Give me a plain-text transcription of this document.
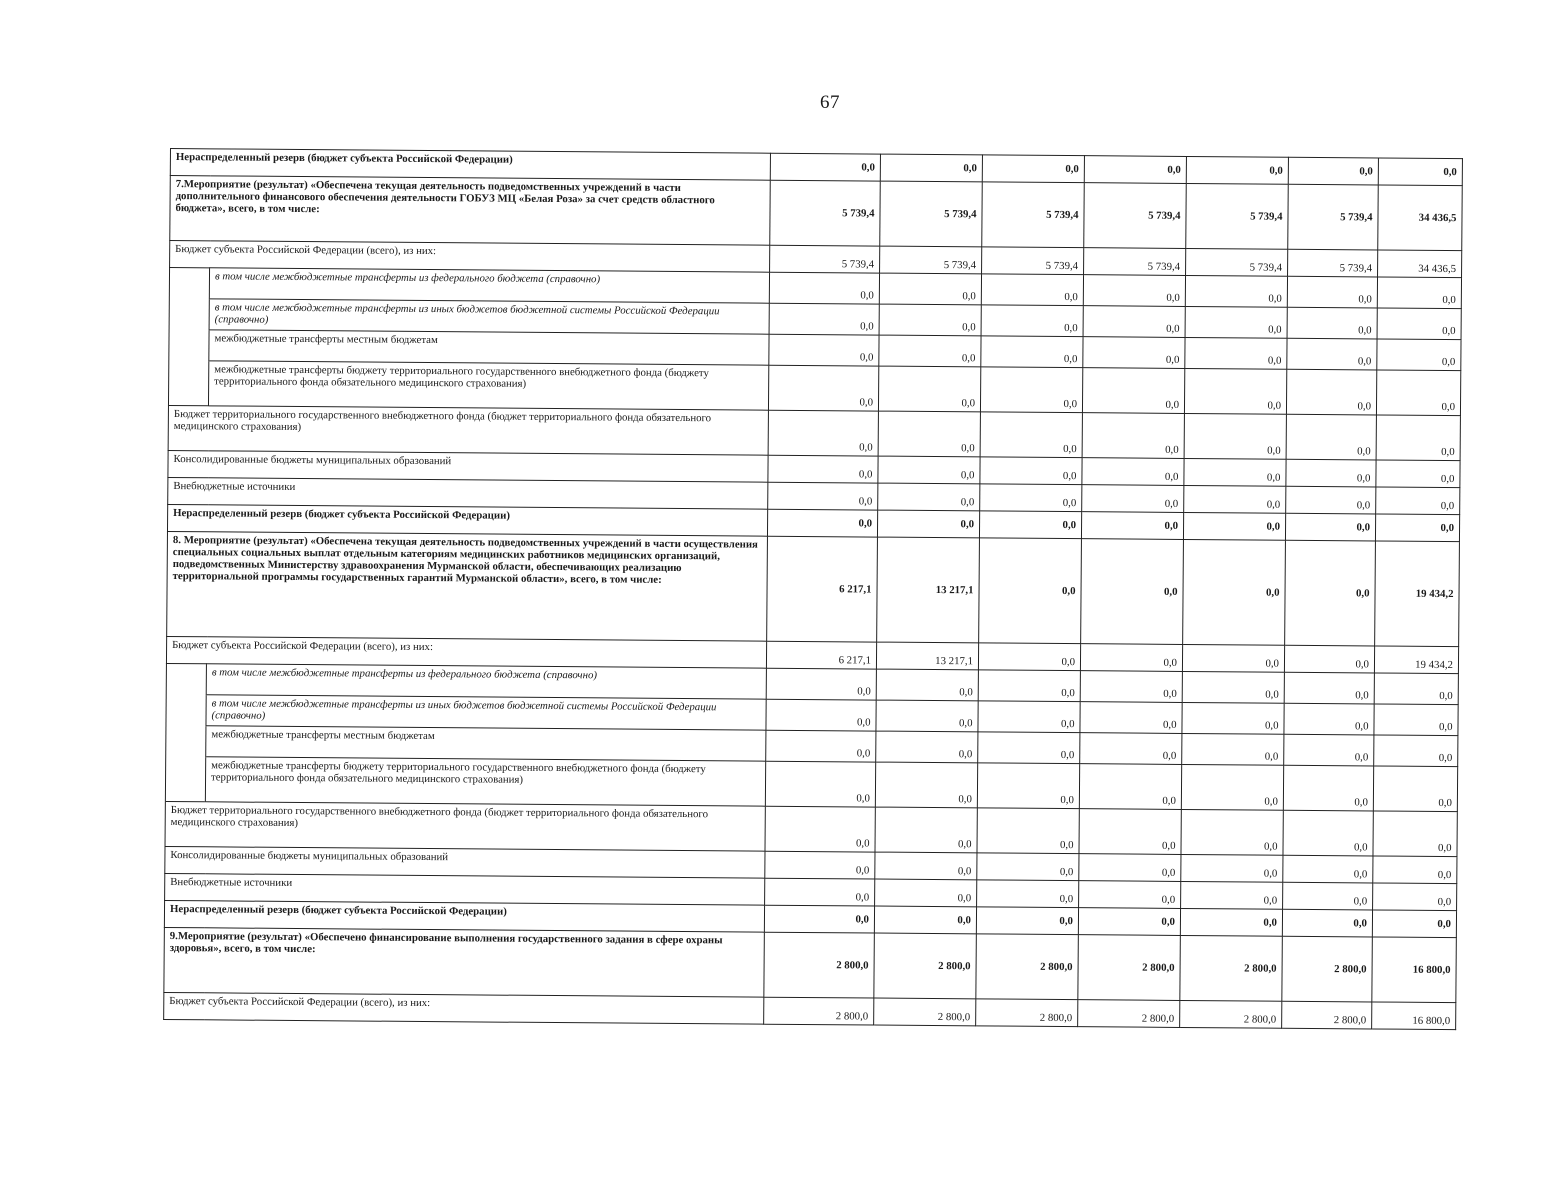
67
Нераспределенный резерв (бюджет субъекта Российской Федерации)		0,0	0,0	0,0	0,0	0,0	0,0	0,0
7.Мероприятие (результат) «Обеспечена текущая деятельность подведомственных учреждений в части дополнительного финансового обеспечения деятельности ГОБУЗ МЦ «Белая Роза» за счет средств областного бюджета», всего, в том числе:		5 739,4	5 739,4	5 739,4	5 739,4	5 739,4	5 739,4	34 436,5
Бюджет субъекта Российской Федерации (всего), из них:		5 739,4	5 739,4	5 739,4	5 739,4	5 739,4	5 739,4	34 436,5
	в том числе межбюджетные трансферты из федерального бюджета (справочно)	0,0	0,0	0,0	0,0	0,0	0,0	0,0
	в том числе межбюджетные трансферты из иных бюджетов бюджетной системы Российской Федерации (справочно)	0,0	0,0	0,0	0,0	0,0	0,0	0,0
	межбюджетные трансферты местным бюджетам	0,0	0,0	0,0	0,0	0,0	0,0	0,0
	межбюджетные трансферты бюджету территориального государственного внебюджетного фонда (бюджету территориального фонда обязательного медицинского страхования)	0,0	0,0	0,0	0,0	0,0	0,0	0,0
Бюджет территориального государственного внебюджетного фонда (бюджет территориального фонда обязательного медицинского страхования)		0,0	0,0	0,0	0,0	0,0	0,0	0,0
Консолидированные бюджеты муниципальных образований		0,0	0,0	0,0	0,0	0,0	0,0	0,0
Внебюджетные источники		0,0	0,0	0,0	0,0	0,0	0,0	0,0
Нераспределенный резерв (бюджет субъекта Российской Федерации)		0,0	0,0	0,0	0,0	0,0	0,0	0,0
8. Мероприятие (результат) «Обеспечена текущая деятельность подведомственных учреждений в части осуществления специальных социальных выплат отдельным категориям медицинских работников медицинских организаций, подведомственных Министерству здравоохранения Мурманской области, обеспечивающих реализацию территориальной программы государственных гарантий Мурманской области», всего, в том числе:		6 217,1	13 217,1	0,0	0,0	0,0	0,0	19 434,2
Бюджет субъекта Российской Федерации (всего), из них:		6 217,1	13 217,1	0,0	0,0	0,0	0,0	19 434,2
	в том числе межбюджетные трансферты из федерального бюджета (справочно)	0,0	0,0	0,0	0,0	0,0	0,0	0,0
	в том числе межбюджетные трансферты из иных бюджетов бюджетной системы Российской Федерации (справочно)	0,0	0,0	0,0	0,0	0,0	0,0	0,0
	межбюджетные трансферты местным бюджетам	0,0	0,0	0,0	0,0	0,0	0,0	0,0
	межбюджетные трансферты бюджету территориального государственного внебюджетного фонда (бюджету территориального фонда обязательного медицинского страхования)	0,0	0,0	0,0	0,0	0,0	0,0	0,0
Бюджет территориального государственного внебюджетного фонда (бюджет территориального фонда обязательного медицинского страхования)		0,0	0,0	0,0	0,0	0,0	0,0	0,0
Консолидированные бюджеты муниципальных образований		0,0	0,0	0,0	0,0	0,0	0,0	0,0
Внебюджетные источники		0,0	0,0	0,0	0,0	0,0	0,0	0,0
Нераспределенный резерв (бюджет субъекта Российской Федерации)		0,0	0,0	0,0	0,0	0,0	0,0	0,0
9.Мероприятие (результат) «Обеспечено финансирование выполнения государственного задания в сфере охраны здоровья», всего, в том числе:		2 800,0	2 800,0	2 800,0	2 800,0	2 800,0	2 800,0	16 800,0
Бюджет субъекта Российской Федерации (всего), из них:		2 800,0	2 800,0	2 800,0	2 800,0	2 800,0	2 800,0	16 800,0
